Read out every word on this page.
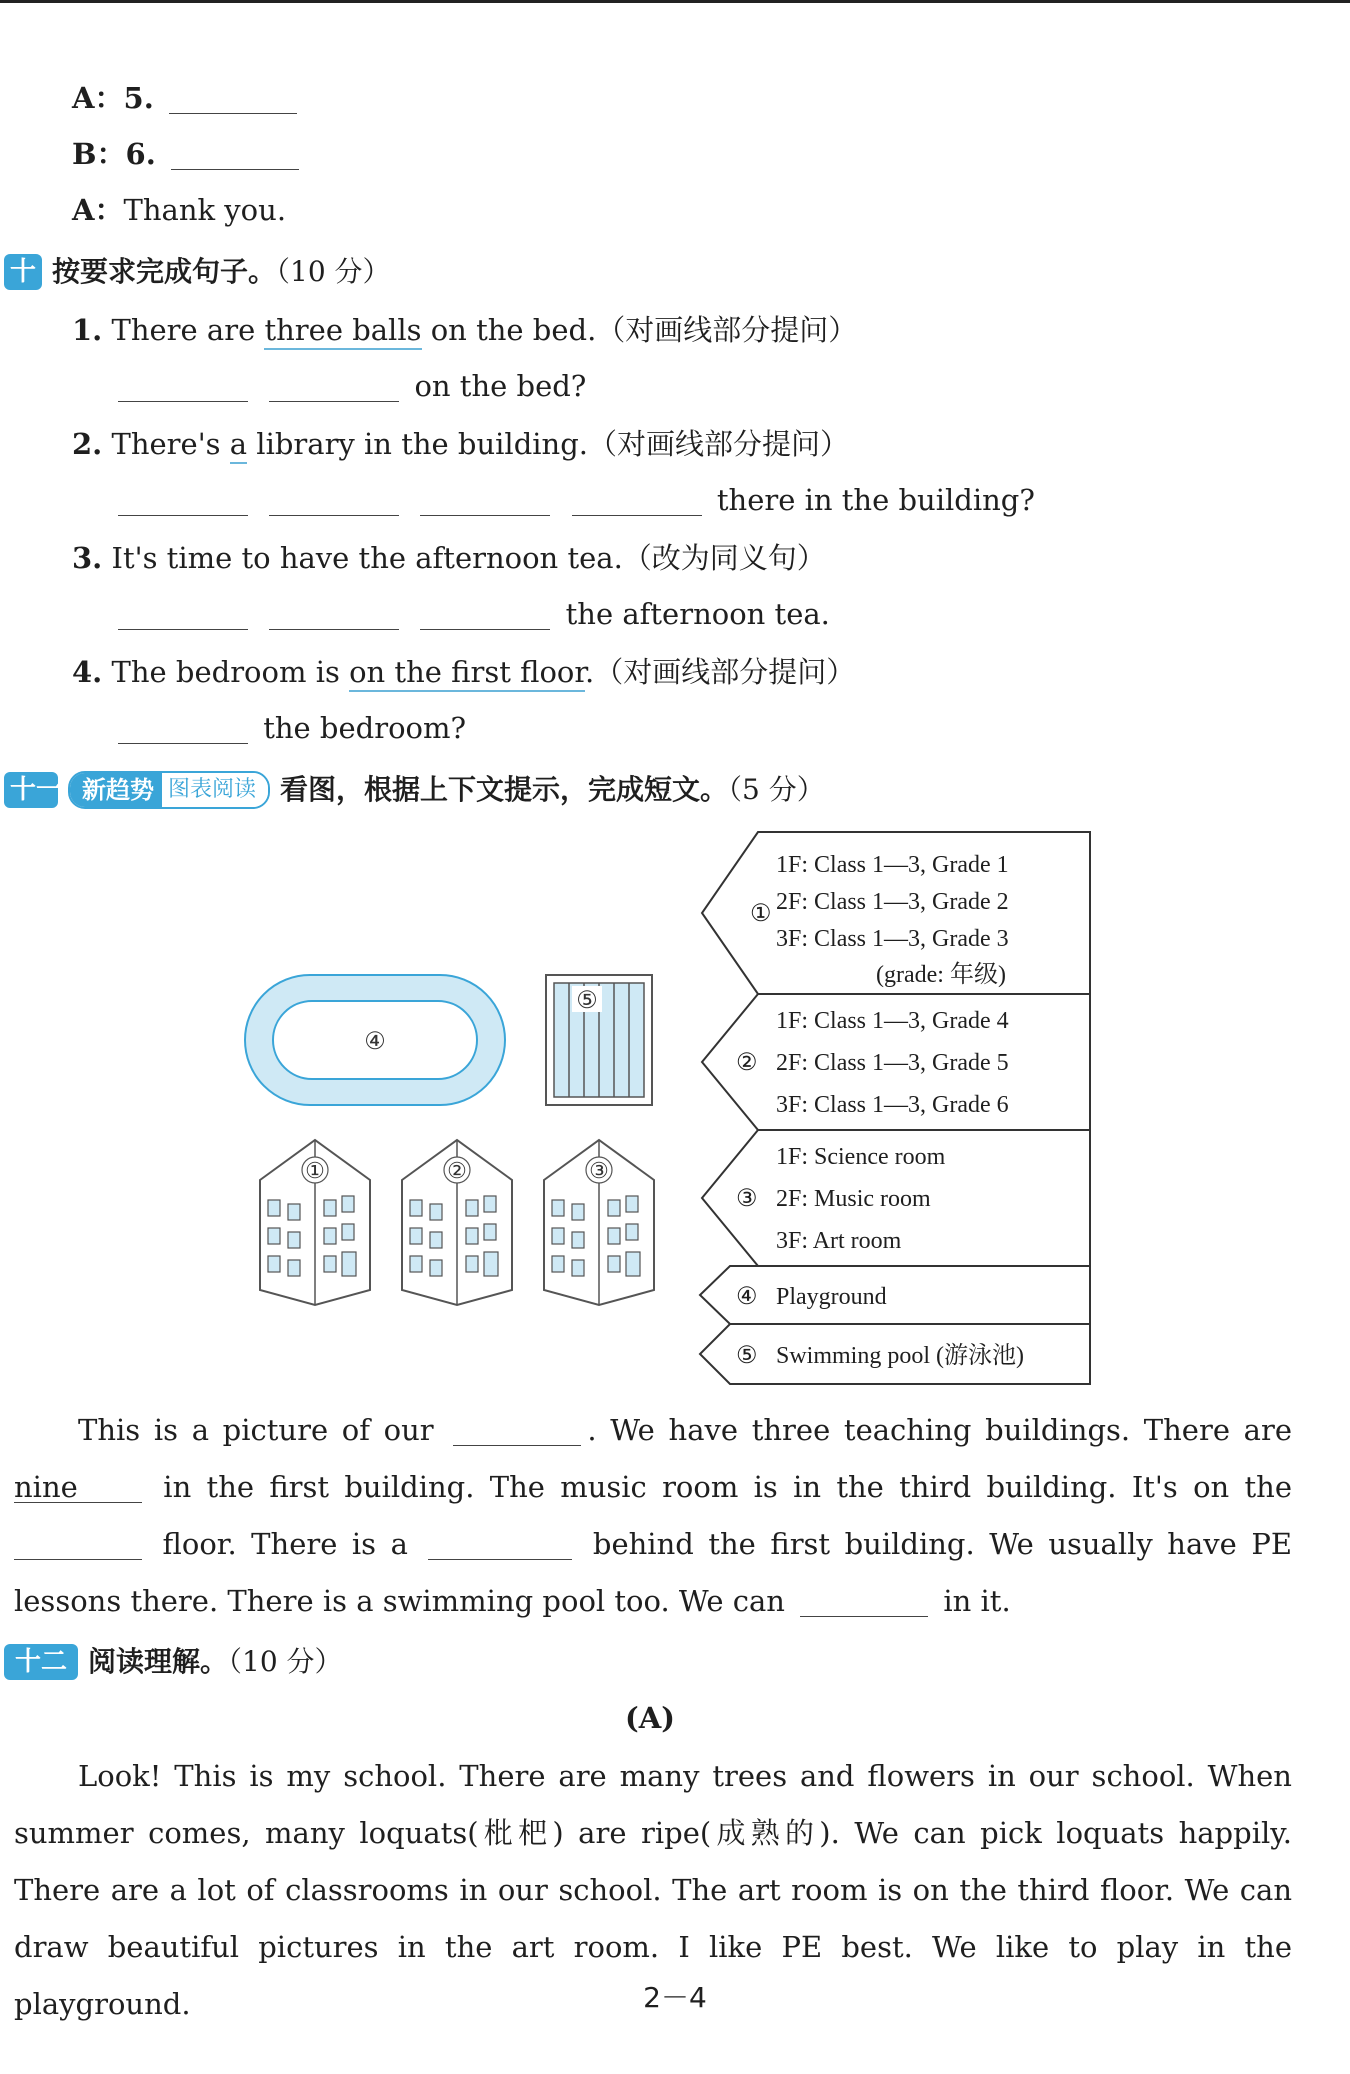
A：5.
B：6.
A：Thank you.
十 按要求完成句子。（10 分）
1. There are three balls on the bed.（对画线部分提问）
on the bed?
2. There's a library in the building.（对画线部分提问）
there in the building?
3. It's time to have the afternoon tea.（改为同义句）
the afternoon tea.
4. The bedroom is on the first floor.（对画线部分提问）
the bedroom?
十一 新趋势 图表阅读 看图，根据上下文提示，完成短文。（5 分）
④
⑤
①	②	③
①
1F: Class 1—3, Grade 1
2F: Class 1—3, Grade 2
3F: Class 1—3, Grade 3
(grade: 年级)
②
1F: Class 1—3, Grade 4
2F: Class 1—3, Grade 5
3F: Class 1—3, Grade 6
③
1F: Science room
2F: Music room
3F: Art room
④ Playground
⑤ Swimming pool (游泳池)
This is a picture of our	. We have three teaching buildings. There are nine	in the first building. The music room is in the third building. It's on the
floor. There is a	behind the first building. We usually have PE
lessons there. There is a swimming pool too. We can	in it.
十二 阅读理解。（10 分）
(A)
Look! This is my school. There are many trees and flowers in our school. When
summer comes, many loquats(枇杷) are ripe(成熟的). We can pick loquats happily.
There are a lot of classrooms in our school. The art room is on the third floor. We can
draw beautiful pictures in the art room. I like PE best. We like to play in the playground.	2－4
